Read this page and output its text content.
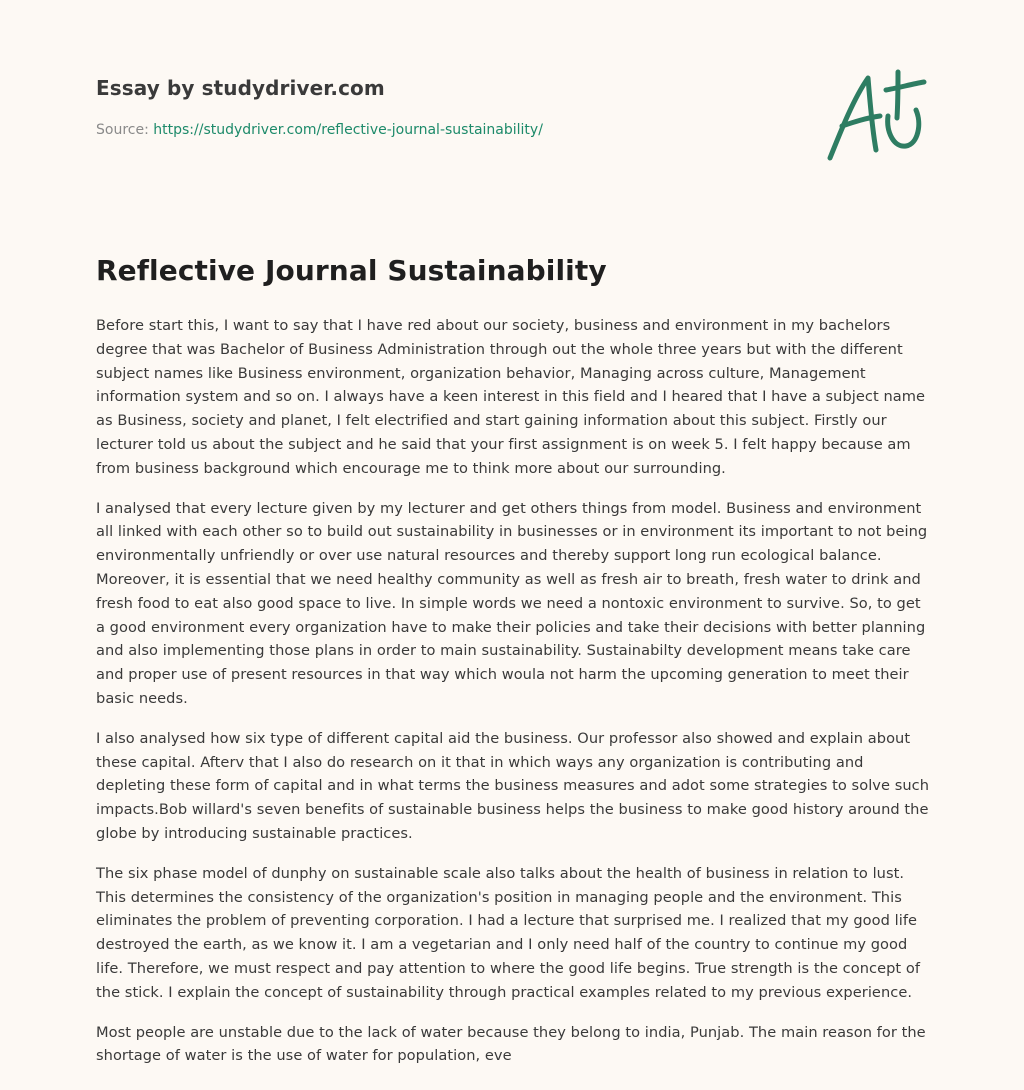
Essay by studydriver.com
Source: https://studydriver.com/reflective-journal-sustainability/
Reflective Journal Sustainability

Before start this, I want to say that I have red about our society, business and environment in my bachelors degree that was Bachelor of Business Administration through out the whole three years but with the different subject names like Business environment, organization behavior, Managing across culture, Management information system and so on. I always have a keen interest in this field and I heared that I have a subject name as Business, society and planet, I felt electrified and start gaining information about this subject. Firstly our lecturer told us about the subject and he said that your first assignment is on week 5. I felt happy because am from business background which encourage me to think more about our surrounding.

I analysed that every lecture given by my lecturer and get others things from model. Business and environment all linked with each other so to build out sustainability in businesses or in environment its important to not being environmentally unfriendly or over use natural resources and thereby support long run ecological balance. Moreover, it is essential that we need healthy community as well as fresh air to breath, fresh water to drink and fresh food to eat also good space to live. In simple words we need a nontoxic environment to survive. So, to get a good environment every organization have to make their policies and take their decisions with better planning and also implementing those plans in order to main sustainability. Sustainabilty development means take care and proper use of present resources in that way which woula not harm the upcoming generation to meet their basic needs.

I also analysed how six type of different capital aid the business. Our professor also showed and explain about these capital. Afterv that I also do research on it that in which ways any organization is contributing and depleting these form of capital and in what terms the business measures and adot some strategies to solve such impacts.Bob willard's seven benefits of sustainable business helps the business to make good history around the globe by introducing sustainable practices.

The six phase model of dunphy on sustainable scale also talks about the health of business in relation to lust. This determines the consistency of the organization's position in managing people and the environment. This eliminates the problem of preventing corporation. I had a lecture that surprised me. I realized that my good life destroyed the earth, as we know it. I am a vegetarian and I only need half of the country to continue my good life. Therefore, we must respect and pay attention to where the good life begins. True strength is the concept of the stick. I explain the concept of sustainability through practical examples related to my previous experience.

Most people are unstable due to the lack of water because they belong to india, Punjab. The main reason for the shortage of water is the use of water for population, eve
